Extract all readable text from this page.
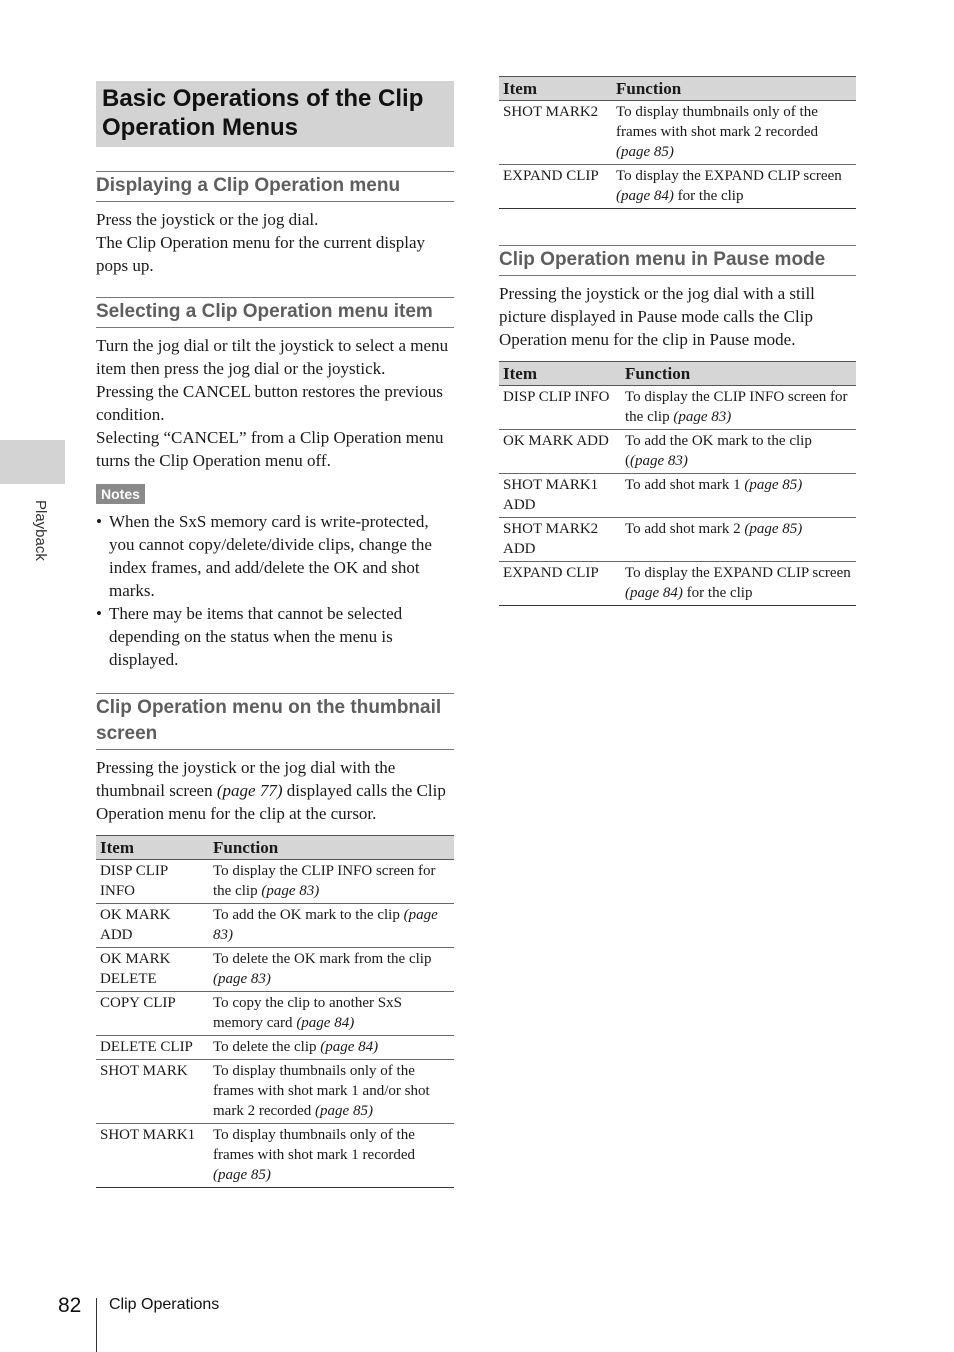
Playback
Basic Operations of the Clip
Operation Menus
Displaying a Clip Operation menu

Press the joystick or the jog dial.

The Clip Operation menu for the current display pops up.

Selecting a Clip Operation menu item

Turn the jog dial or tilt the joystick to select a menu item then press the jog dial or the joystick.

Pressing the CANCEL button restores the previous condition.

Selecting “CANCEL” from a Clip Operation menu turns the Clip Operation menu off.

Notes
• When the SxS memory card is write-protected, you cannot copy/delete/divide clips, change the index frames, and add/delete the OK and shot marks.
• There may be items that cannot be selected depending on the status when the menu is displayed.
Clip Operation menu on the thumbnail screen

Pressing the joystick or the jog dial with the thumbnail screen (page 77) displayed calls the Clip Operation menu for the clip at the cursor.

Item	Function
DISP CLIP INFO	To display the CLIP INFO screen for the clip (page 83)
OK MARK ADD	To add the OK mark to the clip (page 83)
OK MARK DELETE	To delete the OK mark from the clip (page 83)
COPY CLIP	To copy the clip to another SxS memory card (page 84)
DELETE CLIP	To delete the clip (page 84)
SHOT MARK	To display thumbnails only of the frames with shot mark 1 and/or shot mark 2 recorded (page 85)
SHOT MARK1	To display thumbnails only of the frames with shot mark 1 recorded (page 85)
Item	Function
SHOT MARK2	To display thumbnails only of the frames with shot mark 2 recorded (page 85)
EXPAND CLIP	To display the EXPAND CLIP screen (page 84) for the clip
Clip Operation menu in Pause mode

Pressing the joystick or the jog dial with a still picture displayed in Pause mode calls the Clip Operation menu for the clip in Pause mode.

Item	Function
DISP CLIP INFO	To display the CLIP INFO screen for the clip (page 83)
OK MARK ADD	To add the OK mark to the clip ((page 83)
SHOT MARK1 ADD	To add shot mark 1 (page 85)
SHOT MARK2 ADD	To add shot mark 2 (page 85)
EXPAND CLIP	To display the EXPAND CLIP screen (page 84) for the clip
82 Clip Operations
